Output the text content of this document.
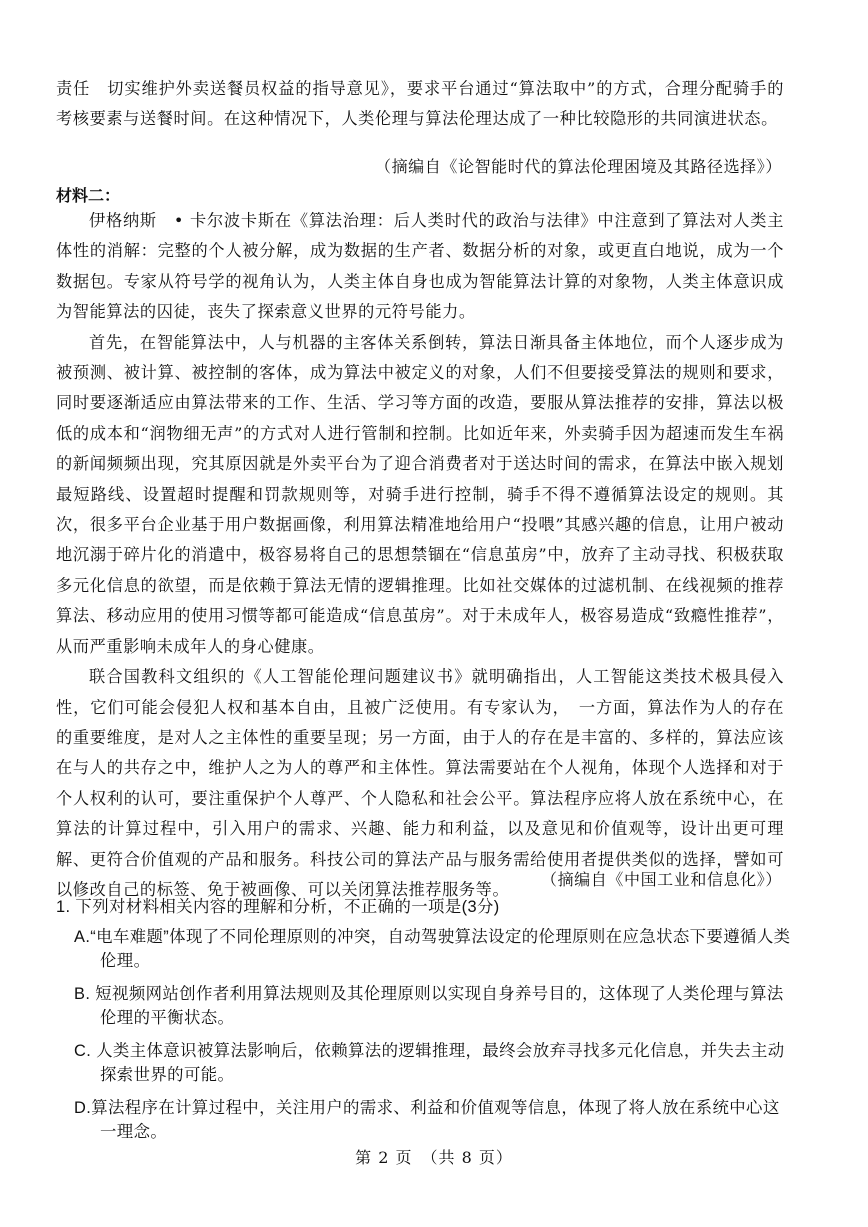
责任　切实维护外卖送餐员权益的指导意见》，要求平台通过“算法取中”的方式，合理分配骑手的考核要素与送餐时间。在这种情况下，人类伦理与算法伦理达成了一种比较隐形的共同演进状态。

（摘编自《论智能时代的算法伦理困境及其路径选择》）
材料二：

伊格纳斯　• 卡尔波卡斯在《算法治理：后人类时代的政治与法律》中注意到了算法对人类主体性的消解：完整的个人被分解，成为数据的生产者、数据分析的对象，或更直白地说，成为一个数据包。专家从符号学的视角认为，人类主体自身也成为智能算法计算的对象物，人类主体意识成为智能算法的囚徒，丧失了探索意义世界的元符号能力。

首先，在智能算法中，人与机器的主客体关系倒转，算法日渐具备主体地位，而个人逐步成为被预测、被计算、被控制的客体，成为算法中被定义的对象，人们不但要接受算法的规则和要求，同时要逐渐适应由算法带来的工作、生活、学习等方面的改造，要服从算法推荐的安排，算法以极低的成本和“润物细无声”的方式对人进行管制和控制。比如近年来，外卖骑手因为超速而发生车祸的新闻频频出现，究其原因就是外卖平台为了迎合消费者对于送达时间的需求，在算法中嵌入规划最短路线、设置超时提醒和罚款规则等，对骑手进行控制，骑手不得不遵循算法设定的规则。其次，很多平台企业基于用户数据画像，利用算法精准地给用户“投喂”其感兴趣的信息，让用户被动地沉溺于碎片化的消遣中，极容易将自己的思想禁锢在“信息茧房”中，放弃了主动寻找、积极获取多元化信息的欲望，而是依赖于算法无情的逻辑推理。比如社交媒体的过滤机制、在线视频的推荐算法、移动应用的使用习惯等都可能造成“信息茧房”。对于未成年人，极容易造成“致瘾性推荐”，从而严重影响未成年人的身心健康。

联合国教科文组织的《人工智能伦理问题建议书》就明确指出，人工智能这类技术极具侵入性，它们可能会侵犯人权和基本自由，且被广泛使用。有专家认为，　一方面，算法作为人的存在的重要维度，是对人之主体性的重要呈现；另一方面，由于人的存在是丰富的、多样的，算法应该在与人的共存之中，维护人之为人的尊严和主体性。算法需要站在个人视角，体现个人选择和对于个人权利的认可，要注重保护个人尊严、个人隐私和社会公平。算法程序应将人放在系统中心，在算法的计算过程中，引入用户的需求、兴趣、能力和利益，以及意见和价值观等，设计出更可理解、更符合价值观的产品和服务。科技公司的算法产品与服务需给使用者提供类似的选择，譬如可以修改自己的标签、免于被画像、可以关闭算法推荐服务等。

（摘编自《中国工业和信息化》）

1. 下列对材料相关内容的理解和分析，不正确的一项是(3分)

A.“电车难题”体现了不同伦理原则的冲突，自动驾驶算法设定的伦理原则在应急状态下要遵循人类伦理。

B. 短视频网站创作者利用算法规则及其伦理原则以实现自身养号目的，这体现了人类伦理与算法伦理的平衡状态。

C. 人类主体意识被算法影响后，依赖算法的逻辑推理，最终会放弃寻找多元化信息，并失去主动探索世界的可能。

D.算法程序在计算过程中，关注用户的需求、利益和价值观等信息，体现了将人放在系统中心这一理念。

第 2 页　（共 8 页）
